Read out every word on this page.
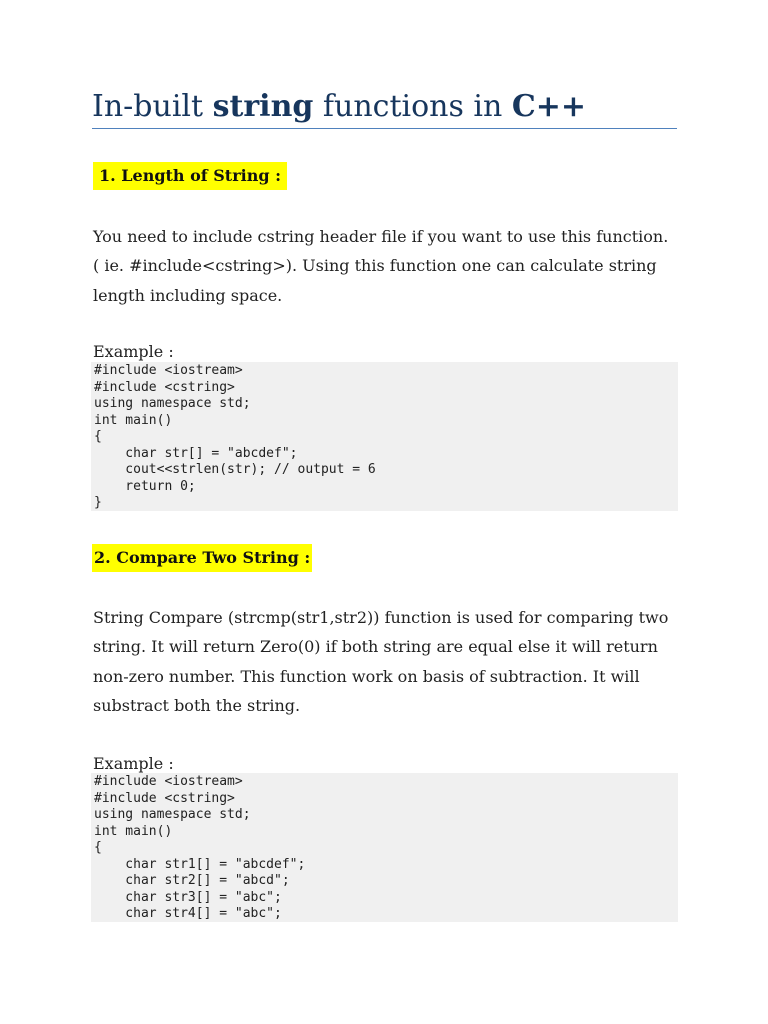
In-built string functions in C++
1. Length of String :

You need to include cstring header file if you want to use this function. ( ie. #include<cstring>). Using this function one can calculate string length including space.

Example :

#include <iostream>
#include <cstring>
using namespace std;
int main()
{
char str[] = "abcdef";
cout<<strlen(str); // output = 6
return 0;
}
2. Compare Two String :

String Compare (strcmp(str1,str2)) function is used for comparing two string. It will return Zero(0) if both string are equal else it will return non-zero number. This function work on basis of subtraction. It will substract both the string.

Example :

#include <iostream>
#include <cstring>
using namespace std;
int main()
{
char str1[] = "abcdef";
char str2[] = "abcd";
char str3[] = "abc";
char str4[] = "abc";
